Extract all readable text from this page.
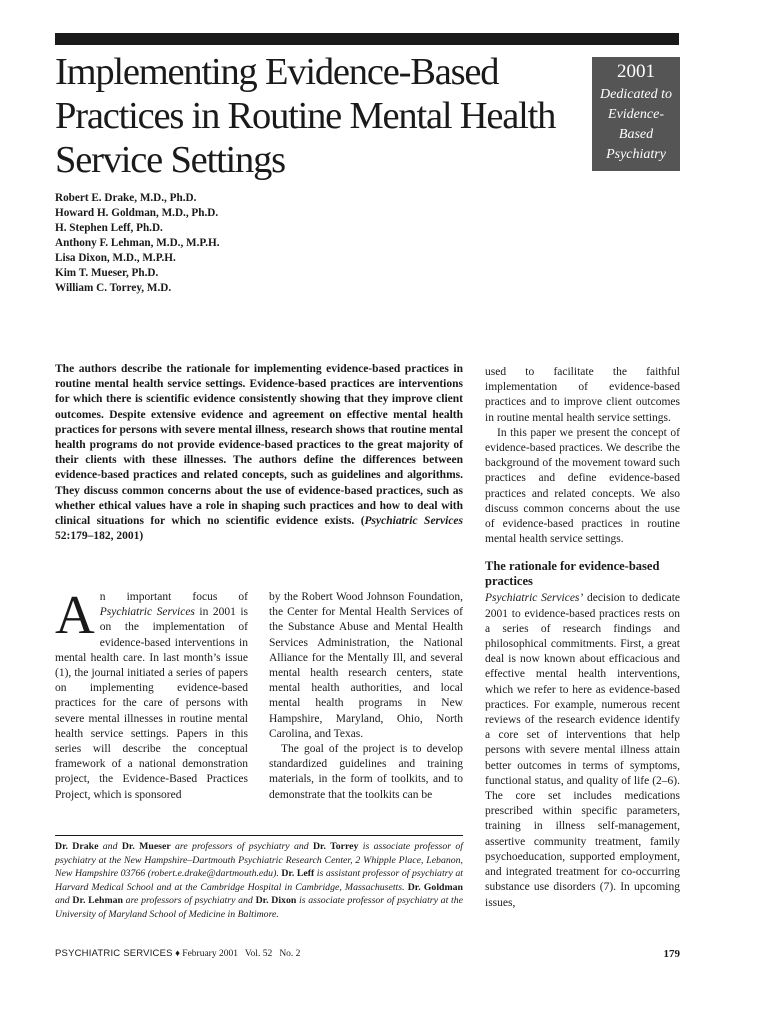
Implementing Evidence-Based Practices in Routine Mental Health Service Settings
2001
Dedicated to
Evidence-
Based
Psychiatry
Robert E. Drake, M.D., Ph.D.
Howard H. Goldman, M.D., Ph.D.
H. Stephen Leff, Ph.D.
Anthony F. Lehman, M.D., M.P.H.
Lisa Dixon, M.D., M.P.H.
Kim T. Mueser, Ph.D.
William C. Torrey, M.D.
The authors describe the rationale for implementing evidence-based practices in routine mental health service settings. Evidence-based practices are interventions for which there is scientific evidence consistently showing that they improve client outcomes. Despite extensive evidence and agreement on effective mental health practices for persons with severe mental illness, research shows that routine mental health programs do not provide evidence-based practices to the great majority of their clients with these illnesses. The authors define the differences between evidence-based practices and related concepts, such as guidelines and algorithms. They discuss common concerns about the use of evidence-based practices, such as whether ethical values have a role in shaping such practices and how to deal with clinical situations for which no scientific evidence exists. (Psychiatric Services 52:179–182, 2001)

An important focus of Psychiatric Services in 2001 is on the implementation of evidence-based interventions in mental health care. In last month’s issue (1), the journal initiated a series of papers on implementing evidence-based practices for the care of persons with severe mental illnesses in routine mental health service settings. Papers in this series will describe the conceptual framework of a national demonstration project, the Evidence-Based Practices Project, which is sponsored

by the Robert Wood Johnson Foundation, the Center for Mental Health Services of the Substance Abuse and Mental Health Services Administration, the National Alliance for the Mentally Ill, and several mental health research centers, state mental health authorities, and local mental health programs in New Hampshire, Maryland, Ohio, North Carolina, and Texas.

The goal of the project is to develop standardized guidelines and training materials, in the form of toolkits, and to demonstrate that the toolkits can be

used to facilitate the faithful implementation of evidence-based practices and to improve client outcomes in routine mental health service settings.

In this paper we present the concept of evidence-based practices. We describe the background of the movement toward such practices and define evidence-based practices and related concepts. We also discuss common concerns about the use of evidence-based practices in routine mental health service settings.

The rationale for evidence-based practices

Psychiatric Services’ decision to dedicate 2001 to evidence-based practices rests on a series of research findings and philosophical commitments. First, a great deal is now known about efficacious and effective mental health interventions, which we refer to here as evidence-based practices. For example, numerous recent reviews of the research evidence identify a core set of interventions that help persons with severe mental illness attain better outcomes in terms of symptoms, functional status, and quality of life (2–6). The core set includes medications prescribed within specific parameters, training in illness self-management, assertive community treatment, family psychoeducation, supported employment, and integrated treatment for co-occurring substance use disorders (7). In upcoming issues,

Dr. Drake and Dr. Mueser are professors of psychiatry and Dr. Torrey is associate professor of psychiatry at the New Hampshire–Dartmouth Psychiatric Research Center, 2 Whipple Place, Lebanon, New Hampshire 03766 (robert.e.drake@dartmouth.edu). Dr. Leff is assistant professor of psychiatry at Harvard Medical School and at the Cambridge Hospital in Cambridge, Massachusetts. Dr. Goldman and Dr. Lehman are professors of psychiatry and Dr. Dixon is associate professor of psychiatry at the University of Maryland School of Medicine in Baltimore.
PSYCHIATRIC SERVICES ♦ February 2001   Vol. 52   No. 2	179
